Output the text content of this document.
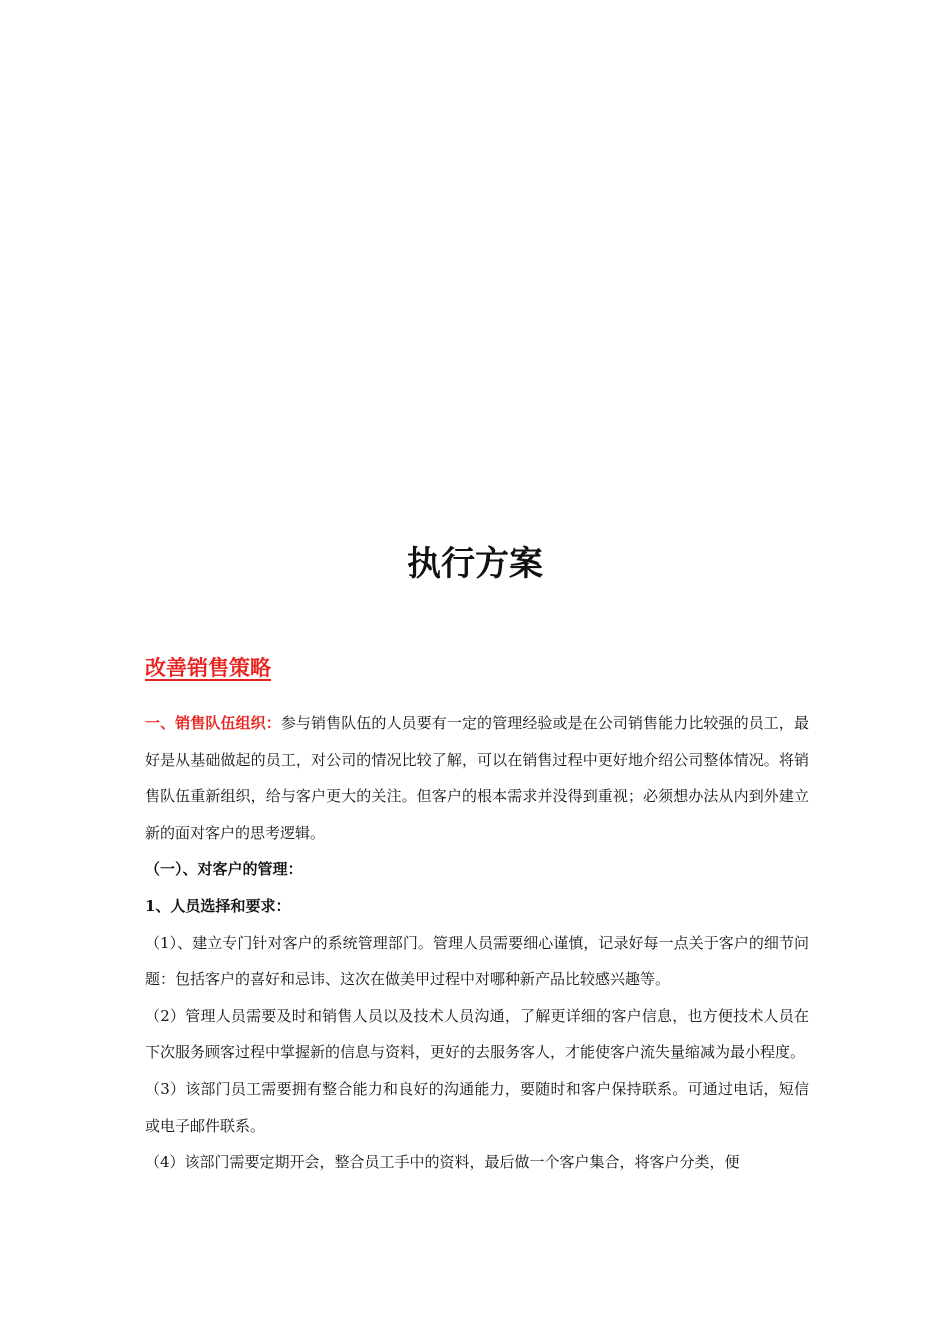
执行方案
改善销售策略

一、销售队伍组织：参与销售队伍的人员要有一定的管理经验或是在公司销售能力比较强的员工，最好是从基础做起的员工，对公司的情况比较了解，可以在销售过程中更好地介绍公司整体情况。将销售队伍重新组织，给与客户更大的关注。但客户的根本需求并没得到重视；必须想办法从内到外建立新的面对客户的思考逻辑。

（一）、对客户的管理：

1、人员选择和要求：

（1）、建立专门针对客户的系统管理部门。管理人员需要细心谨慎，记录好每一点关于客户的细节问题：包括客户的喜好和忌讳、这次在做美甲过程中对哪种新产品比较感兴趣等。

（2）管理人员需要及时和销售人员以及技术人员沟通，了解更详细的客户信息，也方便技术人员在下次服务顾客过程中掌握新的信息与资料，更好的去服务客人，才能使客户流失量缩减为最小程度。

（3）该部门员工需要拥有整合能力和良好的沟通能力，要随时和客户保持联系。可通过电话，短信或电子邮件联系。

（4）该部门需要定期开会，整合员工手中的资料，最后做一个客户集合，将客户分类，便
